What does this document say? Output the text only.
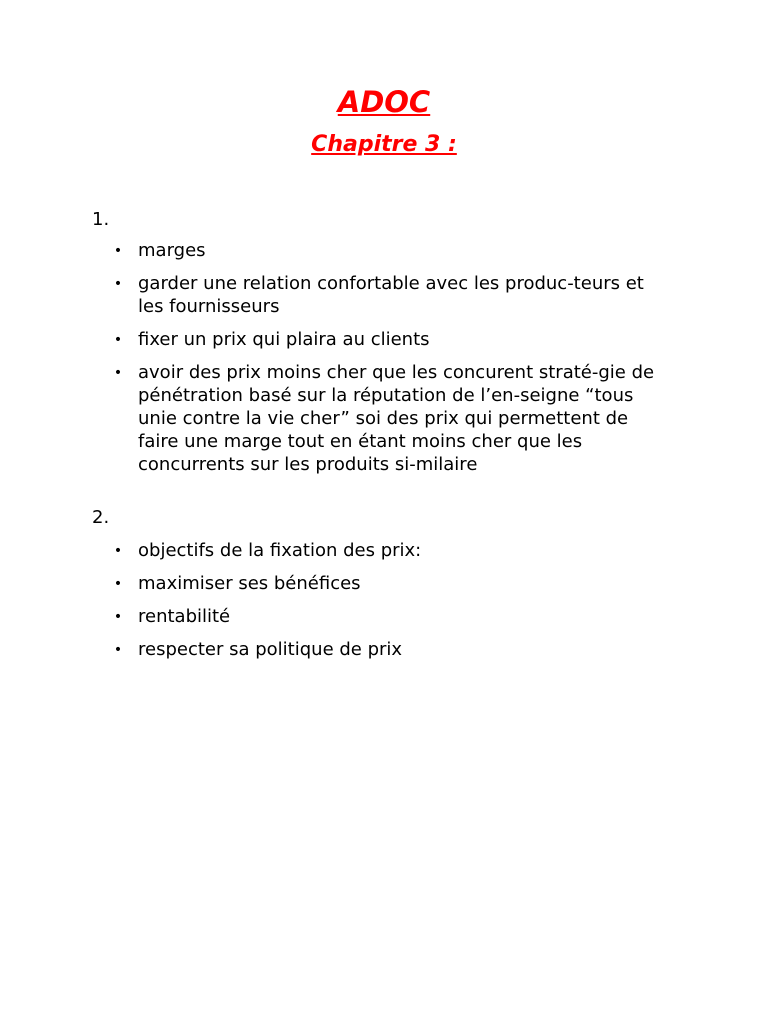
ADOC
Chapitre 3 :

1.

• marges
• garder une relation confortable avec les produc-teurs et les fournisseurs
• fixer un prix qui plaira au clients
• avoir des prix moins cher que les concurent straté-gie de pénétration basé sur la réputation de l’en-seigne “tous unie contre la vie cher” soi des prix qui permettent de faire une marge tout en étant moins cher que les concurrents sur les produits si-milaire

2.

• objectifs de la fixation des prix:
• maximiser ses bénéfices
• rentabilité
• respecter sa politique de prix
